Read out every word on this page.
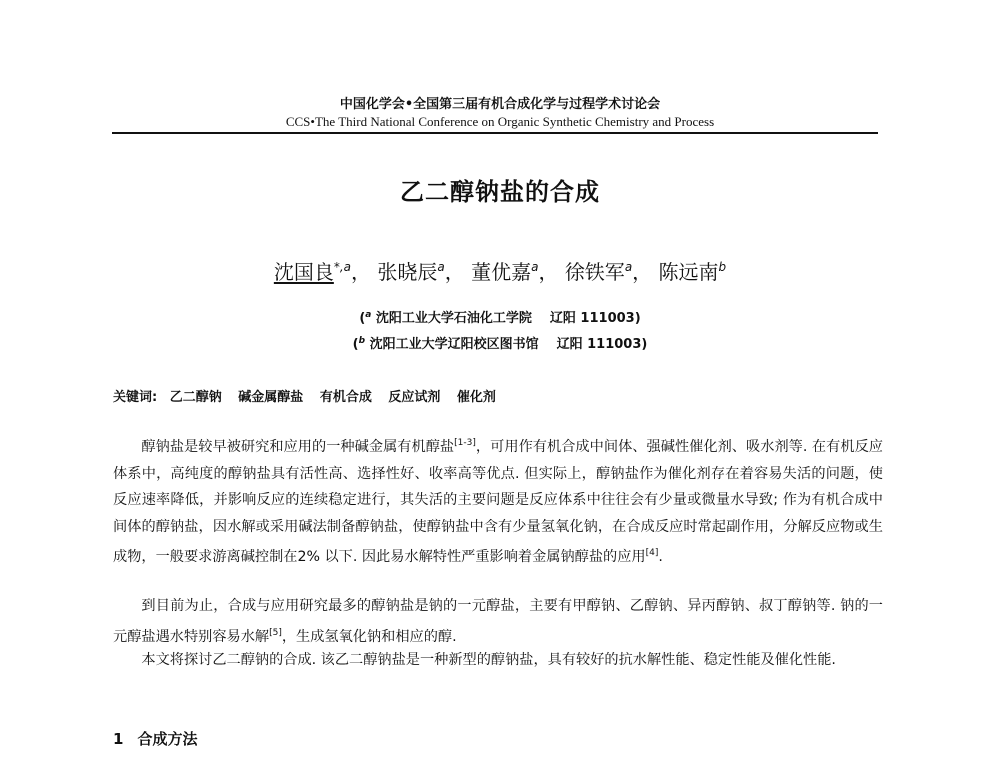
中国化学会•全国第三届有机合成化学与过程学术讨论会
CCS•The Third National Conference on Organic Synthetic Chemistry and Process
乙二醇钠盐的合成
沈国良$^{*,a}$， 张晓辰$^a$， 董优嘉$^a$， 徐铁军$^a$， 陈远南$^b$
($^a$ 沈阳工业大学石油化工学院 辽阳 111003)
($^b$ 沈阳工业大学辽阳校区图书馆 辽阳 111003)
关键词: 乙二醇钠 碱金属醇盐 有机合成 反应试剂 催化剂

醇钠盐是较早被研究和应用的一种碱金属有机醇盐[1-3]，可用作有机合成中间体、强碱性催化剂、吸水剂等. 在有机反应体系中，高纯度的醇钠盐具有活性高、选择性好、收率高等优点. 但实际上，醇钠盐作为催化剂存在着容易失活的问题，使反应速率降低，并影响反应的连续稳定进行，其失活的主要问题是反应体系中往往会有少量或微量水导致; 作为有机合成中间体的醇钠盐，因水解或采用碱法制备醇钠盐，使醇钠盐中含有少量氢氧化钠，在合成反应时常起副作用，分解反应物或生成物，一般要求游离碱控制在2% 以下. 因此易水解特性严重影响着金属钠醇盐的应用[4].

到目前为止，合成与应用研究最多的醇钠盐是钠的一元醇盐，主要有甲醇钠、乙醇钠、异丙醇钠、叔丁醇钠等. 钠的一元醇盐遇水特别容易水解[5]，生成氢氧化钠和相应的醇.

本文将探讨乙二醇钠的合成. 该乙二醇钠盐是一种新型的醇钠盐，具有较好的抗水解性能、稳定性能及催化性能.

1 合成方法
